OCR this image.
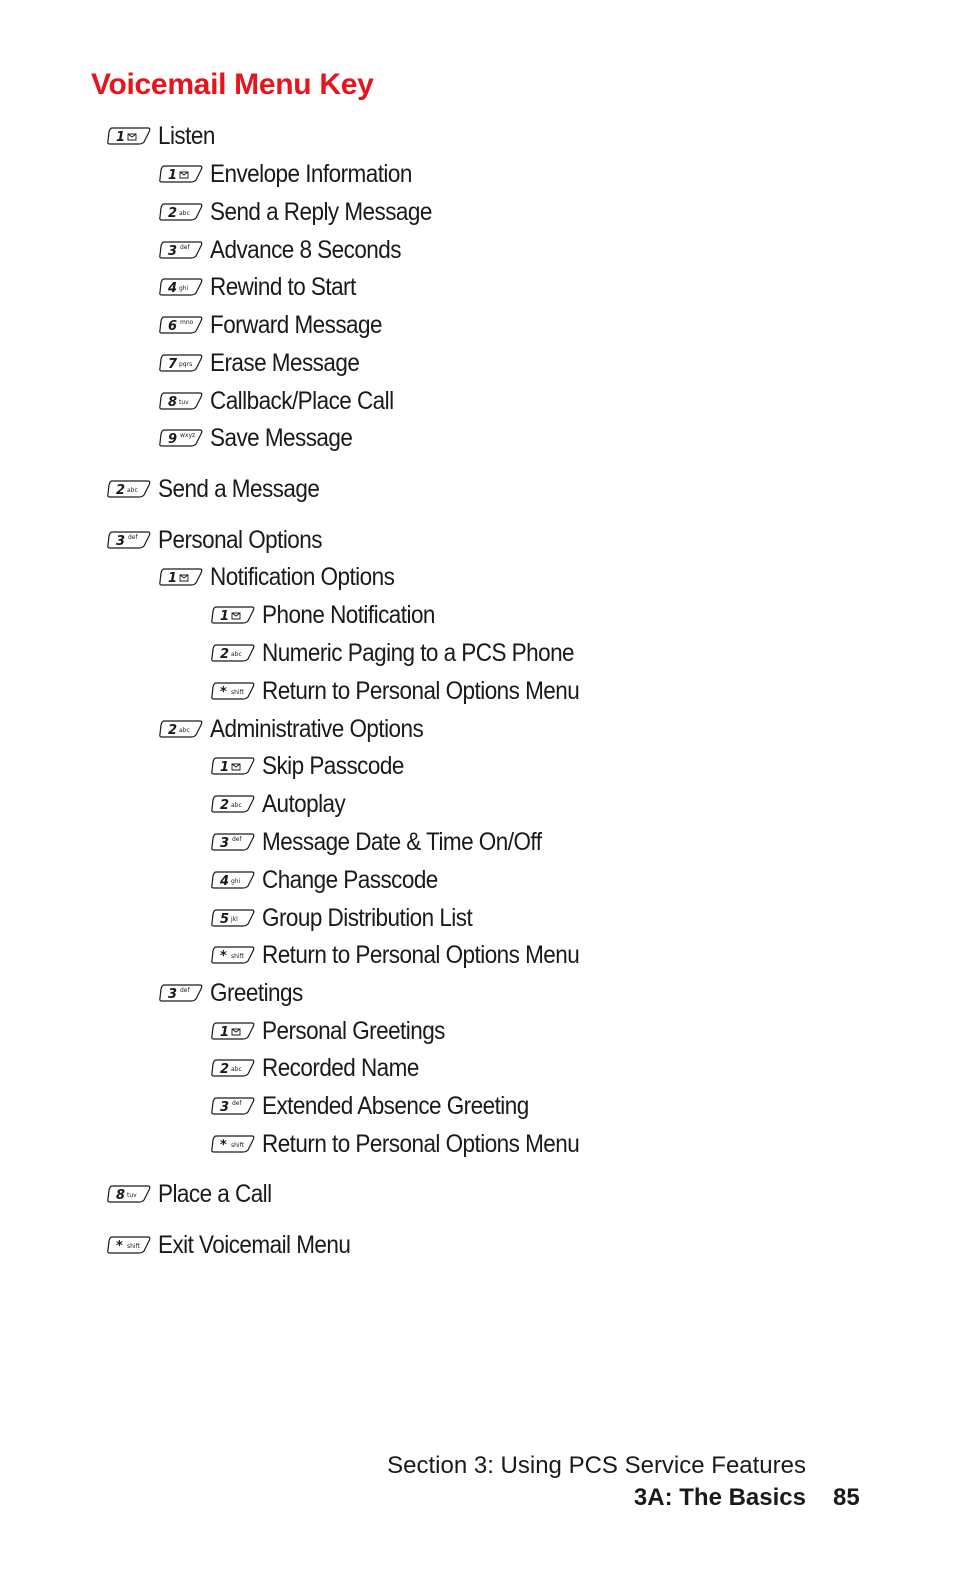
Voicemail Menu Key
1 Listen
1 Envelope Information
2 abc Send a Reply Message
3 def Advance 8 Seconds
4 ghi Rewind to Start
6 mno Forward Message
7 pqrs Erase Message
8 tuv Callback/Place Call
9 wxyz Save Message
2 abc Send a Message
3 def Personal Options
1 Notification Options
1 Phone Notification
2 abc Numeric Paging to a PCS Phone
* shift Return to Personal Options Menu
2 abc Administrative Options
1 Skip Passcode
2 abc Autoplay
3 def Message Date & Time On/Off
4 ghi Change Passcode
5 jkl Group Distribution List
* shift Return to Personal Options Menu
3 def Greetings
1 Personal Greetings
2 abc Recorded Name
3 def Extended Absence Greeting
* shift Return to Personal Options Menu
8 tuv Place a Call
* shift Exit Voicemail Menu
Section 3: Using PCS Service Features
3A: The Basics 85
